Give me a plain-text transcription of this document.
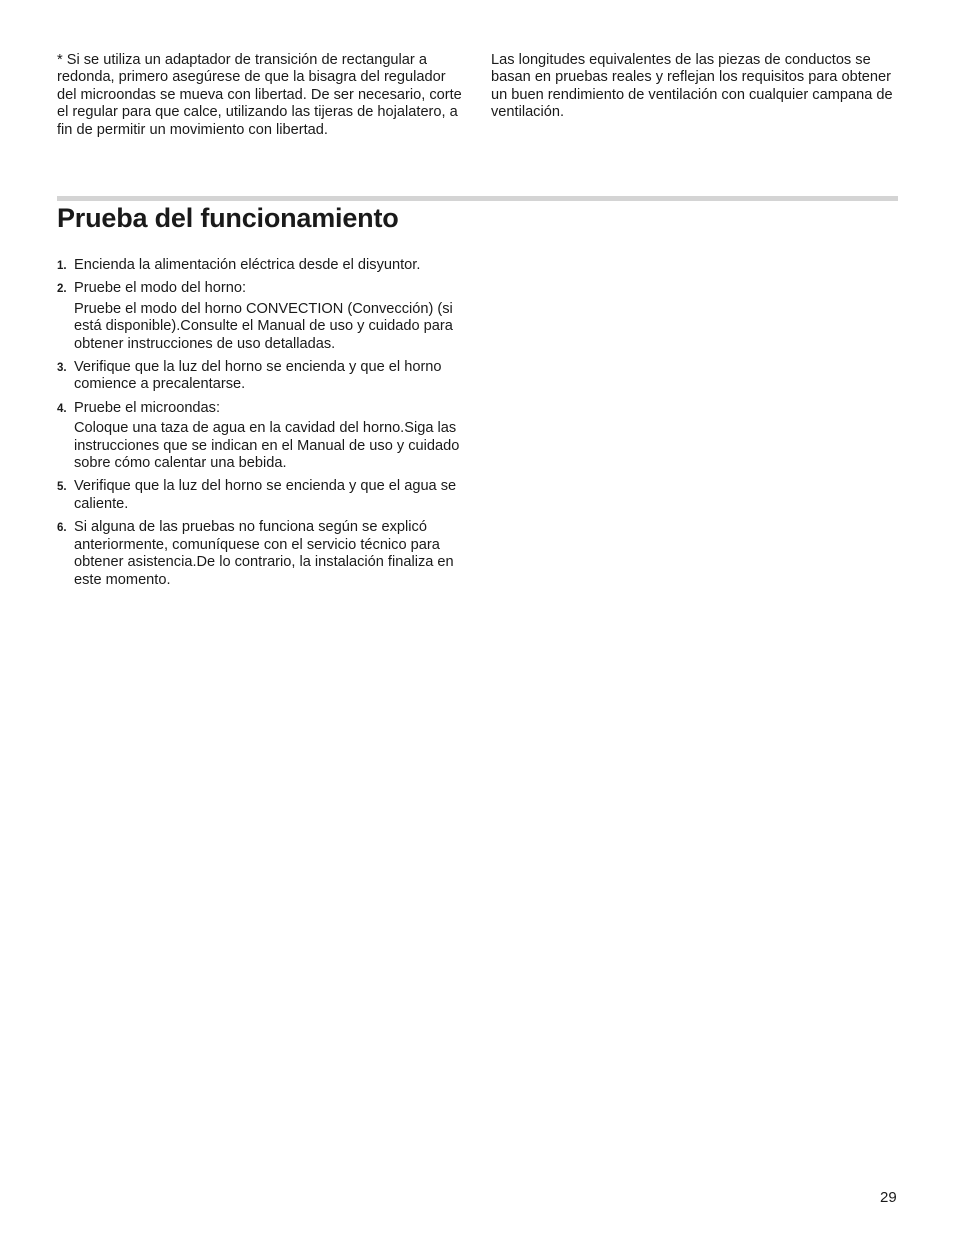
* Si se utiliza un adaptador de transición de rectangular a redonda, primero asegúrese de que la bisagra del regulador del microondas se mueva con libertad. De ser necesario, corte el regular para que calce, utilizando las tijeras de hojalatero, a fin de permitir un movimiento con libertad.

Las longitudes equivalentes de las piezas de conductos se basan en pruebas reales y reflejan los requisitos para obtener un buen rendimiento de ventilación con cualquier campana de ventilación.

Prueba del funcionamiento
1. Encienda la alimentación eléctrica desde el disyuntor.
2. Pruebe el modo del horno:
Pruebe el modo del horno CONVECTION (Convección) (si está disponible).Consulte el Manual de uso y cuidado para obtener instrucciones de uso detalladas.
3. Verifique que la luz del horno se encienda y que el horno comience a precalentarse.
4. Pruebe el microondas:
Coloque una taza de agua en la cavidad del horno.Siga las instrucciones que se indican en el Manual de uso y cuidado sobre cómo calentar una bebida.
5. Verifique que la luz del horno se encienda y que el agua se caliente.
6. Si alguna de las pruebas no funciona según se explicó anteriormente, comuníquese con el servicio técnico para obtener asistencia.De lo contrario, la instalación finaliza en este momento.
29
